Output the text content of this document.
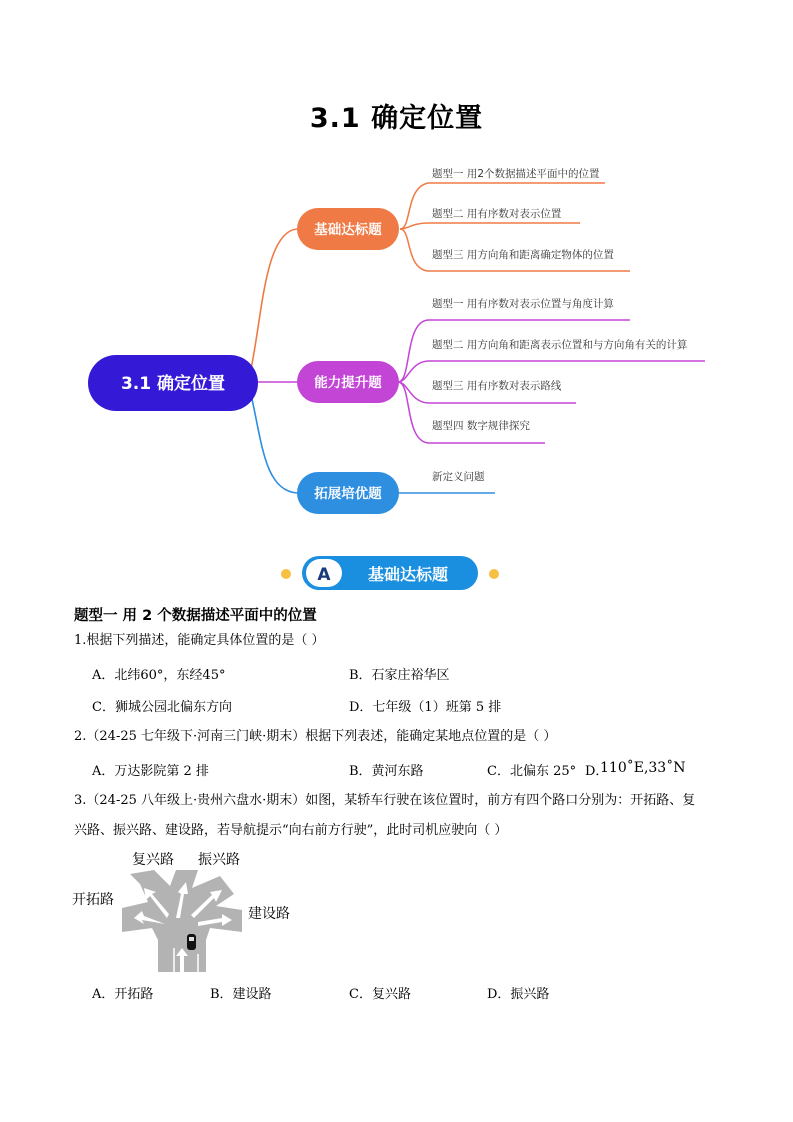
3.1 确定位置
3.1 确定位置
基础达标题
能力提升题
拓展培优题
题型一 用2个数据描述平面中的位置
题型二 用有序数对表示位置
题型三 用方向角和距离确定物体的位置
题型一 用有序数对表示位置与角度计算
题型二 用方向角和距离表示位置和与方向角有关的计算
题型三 用有序数对表示路线
题型四 数字规律探究
新定义问题
A 基础达标题
题型一 用 2 个数据描述平面中的位置
1.根据下列描述，能确定具体位置的是（ ）
A．北纬60°，东经45°	B．石家庄裕华区
C．狮城公园北偏东方向	D．七年级（1）班第 5 排
2.（24-25 七年级下·河南三门峡·期末）根据下列表述，能确定某地点位置的是（ ）
A．万达影院第 2 排	B．黄河东路	C．北偏东 25° D．
110˚E,33˚N
3.（24-25 八年级上·贵州六盘水·期末）如图，某轿车行驶在该位置时，前方有四个路口分别为：开拓路、复
兴路、振兴路、建设路，若导航提示“向右前方行驶”，此时司机应驶向（ ）
复兴路 振兴路
开拓路
建设路
A．开拓路	B．建设路	C．复兴路	D．振兴路
